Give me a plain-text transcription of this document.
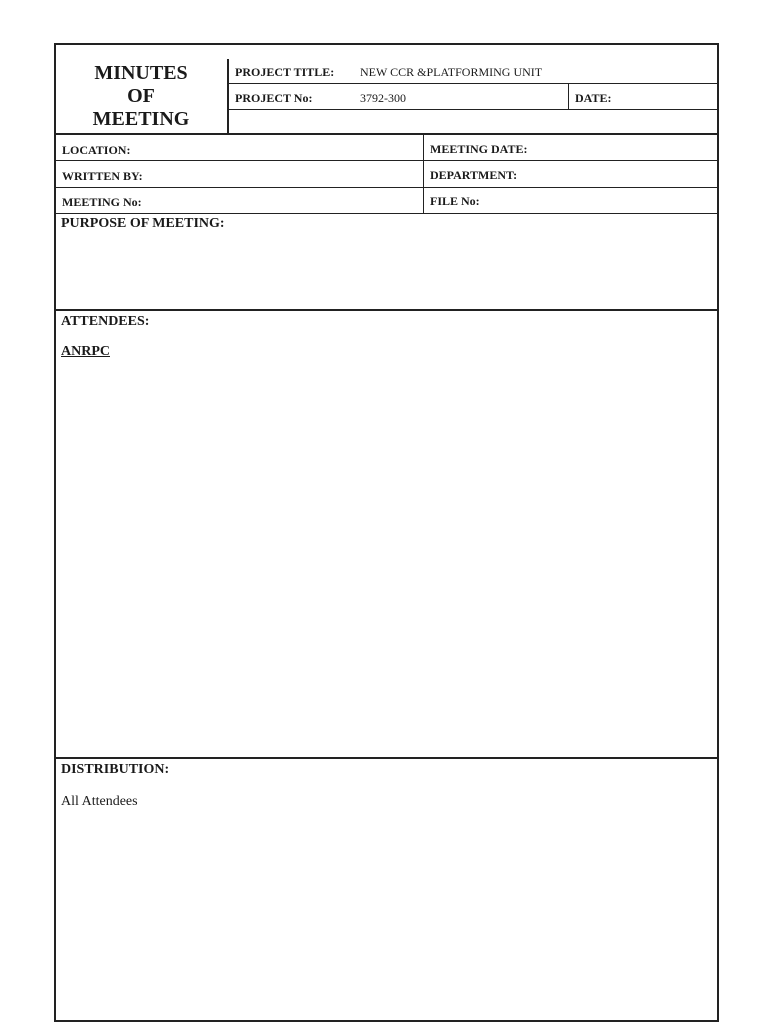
MINUTES
OF
MEETING
PROJECT TITLE: NEW CCR &PLATFORMING UNIT
PROJECT No:	3792-300	DATE:
LOCATION:	MEETING DATE:
WRITTEN BY:	DEPARTMENT:
MEETING No:	FILE No:
PURPOSE OF MEETING:
ATTENDEES:
ANRPC
DISTRIBUTION:
All Attendees
